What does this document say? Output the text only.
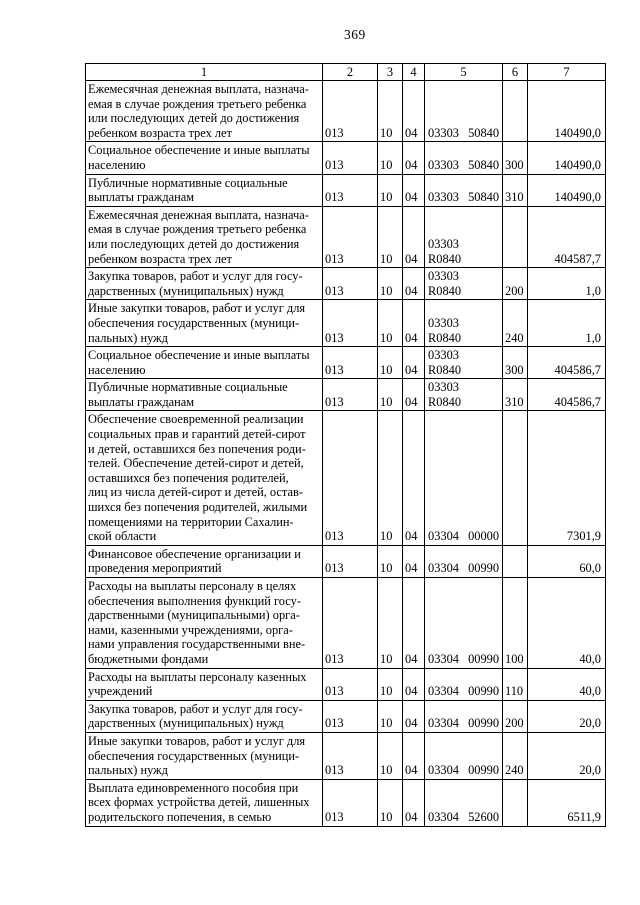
369
1	2	3	4	5	6	7

Ежемесячная денежная выплата, назнача-
емая в случае рождения третьего ребенка
или последующих детей до достижения
ребенком возраста трех лет	013	10	04	03303 50840		140490,0

Социальное обеспечение и иные выплаты
населению	013	10	04	03303 50840	300	140490,0

Публичные нормативные социальные
выплаты гражданам	013	10	04	03303 50840	310	140490,0

Ежемесячная денежная выплата, назнача-
емая в случае рождения третьего ребенка
или последующих детей до достижения
ребенком возраста трех лет	013	10	04	03303 R0840		404587,7

Закупка товаров, работ и услуг для госу-
дарственных (муниципальных) нужд	013	10	04	03303 R0840	200	1,0

Иные закупки товаров, работ и услуг для
обеспечения государственных (муници-
пальных) нужд	013	10	04	03303 R0840	240	1,0

Социальное обеспечение и иные выплаты
населению	013	10	04	03303 R0840	300	404586,7

Публичные нормативные социальные
выплаты гражданам	013	10	04	03303 R0840	310	404586,7

Обеспечение своевременной реализации
социальных прав и гарантий детей-сирот
и детей, оставшихся без попечения роди-
телей. Обеспечение детей-сирот и детей,
оставшихся без попечения родителей,
лиц из числа детей-сирот и детей, остав-
шихся без попечения родителей, жилыми
помещениями на территории Сахалин-
ской области	013	10	04	03304 00000		7301,9

Финансовое обеспечение организации и
проведения мероприятий	013	10	04	03304 00990		60,0

Расходы на выплаты персоналу в целях
обеспечения выполнения функций госу-
дарственными (муниципальными) орга-
нами, казенными учреждениями, орга-
нами управления государственными вне-
бюджетными фондами	013	10	04	03304 00990	100	40,0

Расходы на выплаты персоналу казенных
учреждений	013	10	04	03304 00990	110	40,0

Закупка товаров, работ и услуг для госу-
дарственных (муниципальных) нужд	013	10	04	03304 00990	200	20,0

Иные закупки товаров, работ и услуг для
обеспечения государственных (муници-
пальных) нужд	013	10	04	03304 00990	240	20,0

Выплата единовременного пособия при
всех формах устройства детей, лишенных
родительского попечения, в семью	013	10	04	03304 52600		6511,9
